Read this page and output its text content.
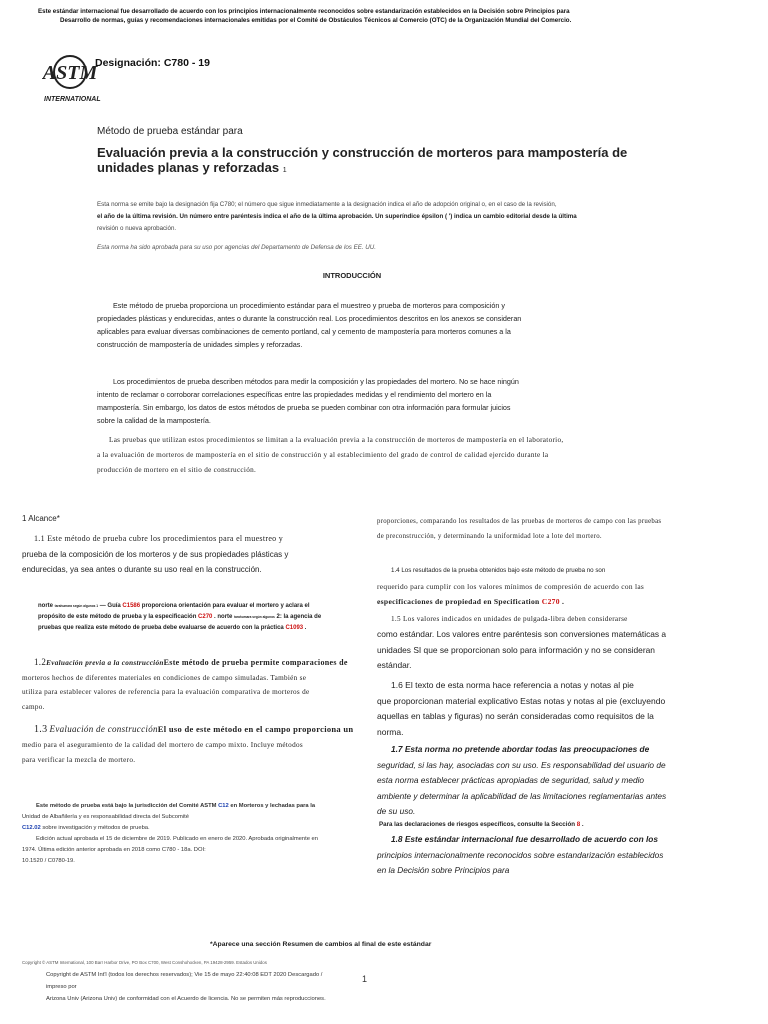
Este estándar internacional fue desarrollado de acuerdo con los principios internacionalmente reconocidos sobre estandarización establecidos en la Decisión sobre Principios para
Desarrollo de normas, guías y recomendaciones internacionales emitidas por el Comité de Obstáculos Técnicos al Comercio (OTC) de la Organización Mundial del Comercio.
ASTM
INTERNATIONAL
Designación: C780 - 19
Método de prueba estándar para
Evaluación previa a la construcción y construcción de morteros para mampostería de
unidades planas y reforzadas 1
Esta norma se emite bajo la designación fija C780; el número que sigue inmediatamente a la designación indica el año de adopción original o, en el caso de la revisión,
el año de la última revisión. Un número entre paréntesis indica el año de la última aprobación. Un superíndice épsilon ( ') indica un cambio editorial desde la última
revisión o nueva aprobación.
Esta norma ha sido aprobada para su uso por agencias del Departamento de Defensa de los EE. UU.
INTRODUCCIÓN
Este método de prueba proporciona un procedimiento estándar para el muestreo y prueba de morteros para composición y
propiedades plásticas y endurecidas, antes o durante la construcción real. Los procedimientos descritos en los anexos se consideran
aplicables para evaluar diversas combinaciones de cemento portland, cal y cemento de mampostería para morteros comunes a la
construcción de mampostería de unidades simples y reforzadas.
Los procedimientos de prueba describen métodos para medir la composición y las propiedades del mortero. No se hace ningún
intento de reclamar o corroborar correlaciones específicas entre las propiedades medidas y el rendimiento del mortero en la
mampostería. Sin embargo, los datos de estos métodos de prueba se pueden combinar con otra información para formular juicios
sobre la calidad de la mampostería.
Las pruebas que utilizan estos procedimientos se limitan a la evaluación previa a la construcción de morteros de mampostería en el laboratorio,
a la evaluación de morteros de mampostería en el sitio de construcción y al establecimiento del grado de control de calidad ejercido durante la
producción de mortero en el sitio de construcción.
1 Alcance*
1.1 Este método de prueba cubre los procedimientos para el muestreo y
prueba de la composición de los morteros y de sus propiedades plásticas y
endurecidas, ya sea antes o durante su uso real en la construcción.
norte tarahumara según algunos 1 — Guía C1586 proporciona orientación para evaluar el mortero y aclara el
propósito de este método de prueba y la especificación C270 . norte tarahumara según algunos 2: la agencia de
pruebas que realiza este método de prueba debe evaluarse de acuerdo con la práctica C1093 .
1.2Evaluación previa a la construcciónEste método de prueba permite comparaciones de
morteros hechos de diferentes materiales en condiciones de campo simuladas. También se
utiliza para establecer valores de referencia para la evaluación comparativa de morteros de
campo.
1.3 Evaluación de construcciónEl uso de este método en el campo proporciona un
medio para el aseguramiento de la calidad del mortero de campo mixto. Incluye métodos
para verificar la mezcla de mortero.
Este método de prueba está bajo la jurisdicción del Comité ASTM C12 en Morteros y lechadas para la
Unidad de Albañilería y es responsabilidad directa del Subcomité
C12.02 sobre investigación y métodos de prueba.
Edición actual aprobada el 15 de diciembre de 2019. Publicado en enero de 2020. Aprobada originalmente en
1974. Última edición anterior aprobada en 2018 como C780 - 18a. DOI:
10.1520 / C0780-19.
proporciones, comparando los resultados de las pruebas de morteros de campo con las pruebas
de preconstrucción, y determinando la uniformidad lote a lote del mortero.
1.4 Los resultados de la prueba obtenidos bajo este método de prueba no son
requerido para cumplir con los valores mínimos de compresión de acuerdo con las
especificaciones de propiedad en Specification C270 .
1.5 Los valores indicados en unidades de pulgada-libra deben considerarse
como estándar. Los valores entre paréntesis son conversiones matemáticas a
unidades SI que se proporcionan solo para información y no se consideran
estándar.
1.6 El texto de esta norma hace referencia a notas y notas al pie
que proporcionan material explicativo Estas notas y notas al pie (excluyendo
aquellas en tablas y figuras) no serán consideradas como requisitos de la
norma.
1.7 Esta norma no pretende abordar todas las preocupaciones de
seguridad, si las hay, asociadas con su uso. Es responsabilidad del usuario de
esta norma establecer prácticas apropiadas de seguridad, salud y medio
ambiente y determinar la aplicabilidad de las limitaciones reglamentarias antes
de su uso.
Para las declaraciones de riesgos específicos, consulte la Sección 8 .
1.8 Este estándar internacional fue desarrollado de acuerdo con los
principios internacionalmente reconocidos sobre estandarización establecidos
en la Decisión sobre Principios para
*Aparece una sección Resumen de cambios al final de este estándar
Copyright © ASTM International, 100 Barr Harbor Drive, PO Box C700, West Conshohocken, PA 19428-2959. Estados Unidos
Copyright de ASTM Int'l (todos los derechos reservados); Vie 15 de mayo 22:40:08 EDT 2020 Descargado /
impreso por
Arizona Univ (Arizona Univ) de conformidad con el Acuerdo de licencia. No se permiten más reproducciones.
1
